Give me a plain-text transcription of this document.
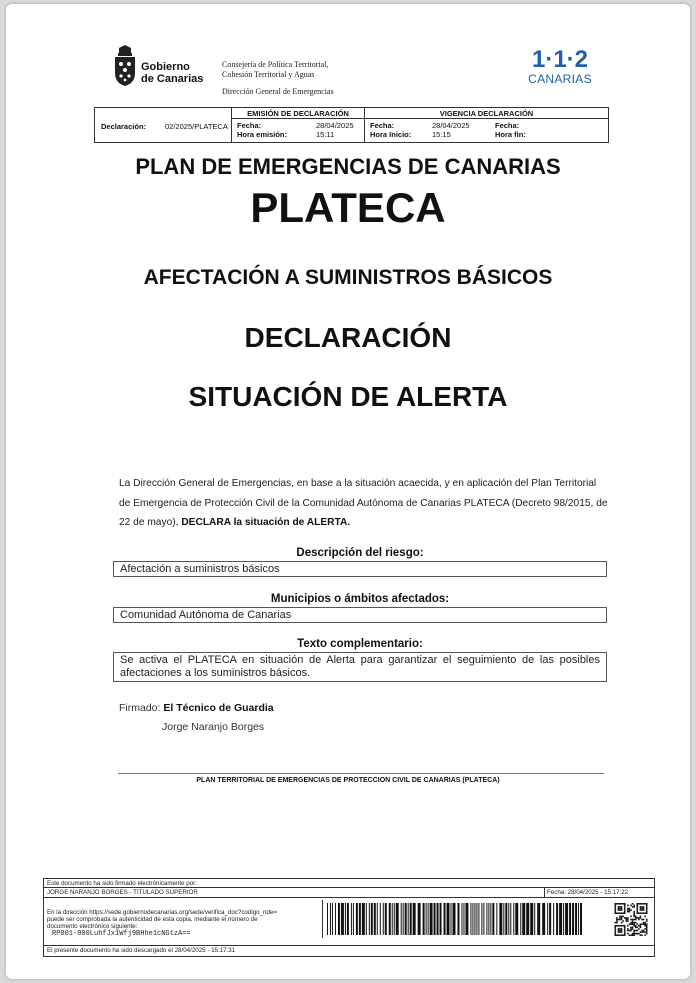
Gobierno
de Canarias
Consejería de Política Territorial,
Cohesión Territorial y Aguas
Dirección General de Emergencias
1·1·2
CANARIAS
Declaración:	02/2025/PLATECA
EMISIÓN DE DECLARACIÓN
Fecha:	28/04/2025
Hora emisión:	15:11
VIGENCIA DECLARACIÓN
Fecha:	28/04/2025
Hora Inicio:	15:15
Fecha:
Hora fin:
PLAN DE EMERGENCIAS DE CANARIAS
PLATECA
AFECTACIÓN A SUMINISTROS BÁSICOS
DECLARACIÓN
SITUACIÓN DE ALERTA
La Dirección General de Emergencias, en base a la situación acaecida, y en aplicación del Plan Territorial de Emergencia de Protección Civil de la Comunidad Autónoma de Canarias PLATECA (Decreto 98/2015, de 22 de mayo), DECLARA la situación de ALERTA.
Descripción del riesgo:
Afectación a suministros básicos
Municipios o ámbitos afectados:
Comunidad Autónoma de Canarias
Texto complementario:
Se activa el PLATECA en situación de Alerta para garantizar el seguimiento de las posibles afectaciones a los suministros básicos.
Firmado: El Técnico de Guardia
Jorge Naranjo Borges
PLAN TERRITORIAL DE EMERGENCIAS DE PROTECCION CIVIL DE CANARIAS (PLATECA)
Este documento ha sido firmado electrónicamente por:
JORGE NARANJO BORGES - TITULADO SUPERIOR	Fecha: 28/04/2025 - 15:17:22
En la dirección https://sede.gobiernodecanarias.org/sede/verifica_doc?codigo_nde=
puede ser comprobada la autenticidad de esta copia, mediante el número de
documento electrónico siguiente:
RP001-000LuhfJx1Wfj9BHhe1cNGtzA==
El presente documento ha sido descargado el 28/04/2025 - 15:17:31
